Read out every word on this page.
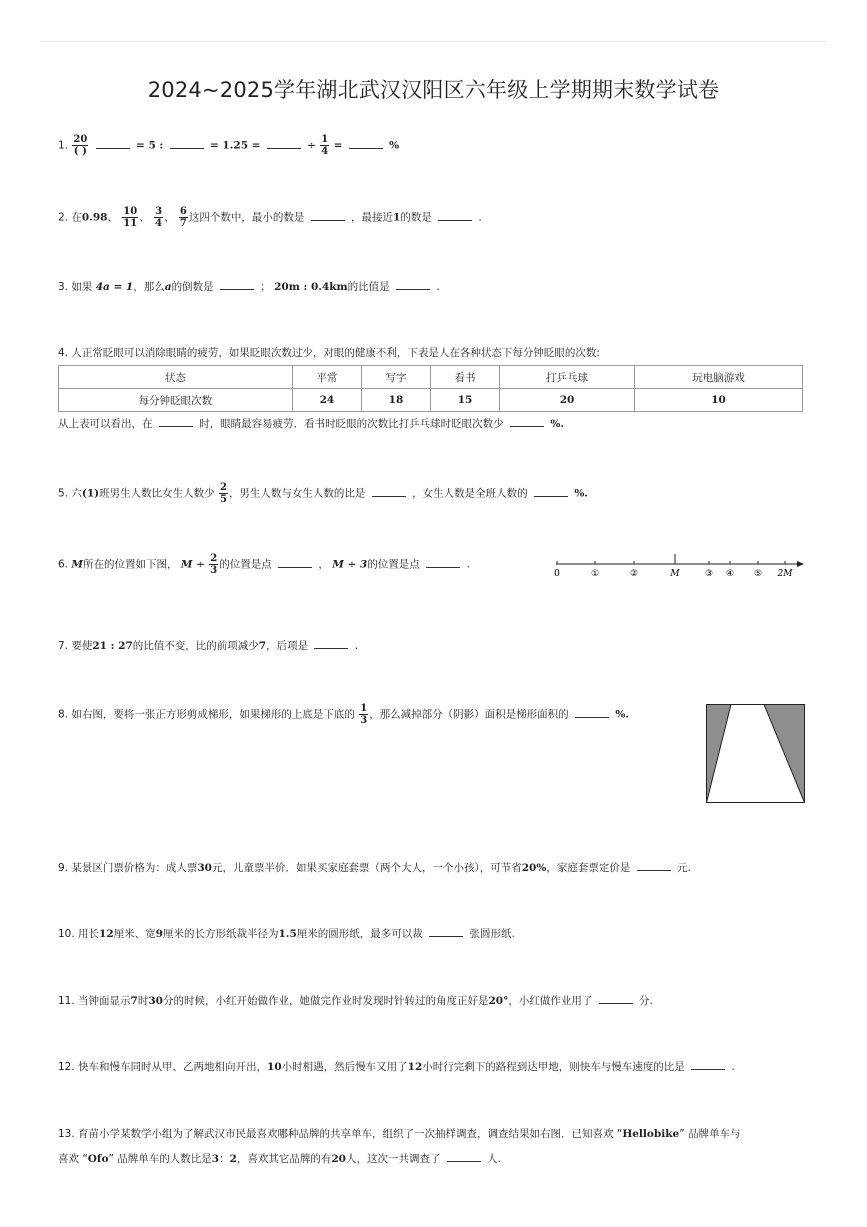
2024~2025学年湖北武汉汉阳区六年级上学期期末数学试卷
1. $\frac{20}{( )}$	= 5 :	= 1.25 =	÷ $\frac{1}{4}$ =	%
2. 在0.98、 $\frac{10}{11}$ 、 $\frac{3}{4}$ 、 $\frac{6}{7}$ 这四个数中，最小的数是	，最接近1的数是	.
3. 如果 4a = 1，那么a的倒数是	； 20m : 0.4km的比值是	.
4. 人正常眨眼可以消除眼睛的疲劳，如果眨眼次数过少，对眼的健康不利，下表是人在各种状态下每分钟眨眼的次数:
状态	平常	写字	看书	打乒乓球	玩电脑游戏
每分钟眨眼次数	24	18	15	20	10
从上表可以看出，在	时，眼睛最容易疲劳．看书时眨眼的次数比打乒乓球时眨眼次数少	%.
5. 六(1)班男生人数比女生人数少 $\frac{2}{5}$ ，男生人数与女生人数的比是	，女生人数是全班人数的	%.
6. M所在的位置如下图， $M \div \frac{2}{3}$ 的位置是点	， M ÷ 3的位置是点	.
0	①	②	M	③ ④ ⑤ 2M
7. 要使21 : 27的比值不变，比的前项减少7，后项是	.
8. 如右图，要将一张正方形剪成梯形，如果梯形的上底是下底的 $\frac{1}{3}$ ，那么减掉部分（阴影）面积是梯形面积的	%.
9. 某景区门票价格为：成人票30元，儿童票半价．如果买家庭套票（两个大人，一个小孩），可节省20%，家庭套票定价是	元.
10. 用长12厘米、宽9厘米的长方形纸裁半径为1.5厘米的圆形纸，最多可以裁	张圆形纸.
11. 当钟面显示7时30分的时候，小红开始做作业，她做完作业时发现时针转过的角度正好是20°，小红做作业用了	分.
12. 快车和慢车同时从甲、乙两地相向开出，10小时相遇，然后慢车又用了12小时行完剩下的路程到达甲地，则快车与慢车速度的比是	.
13. 育苗小学某数学小组为了解武汉市民最喜欢哪种品牌的共享单车，组织了一次抽样调查，调查结果如右图．已知喜欢 “Hellobike” 品牌单车与
喜欢 “Ofo” 品牌单车的人数比是3：2，喜欢其它品牌的有20人，这次一共调查了	人.
